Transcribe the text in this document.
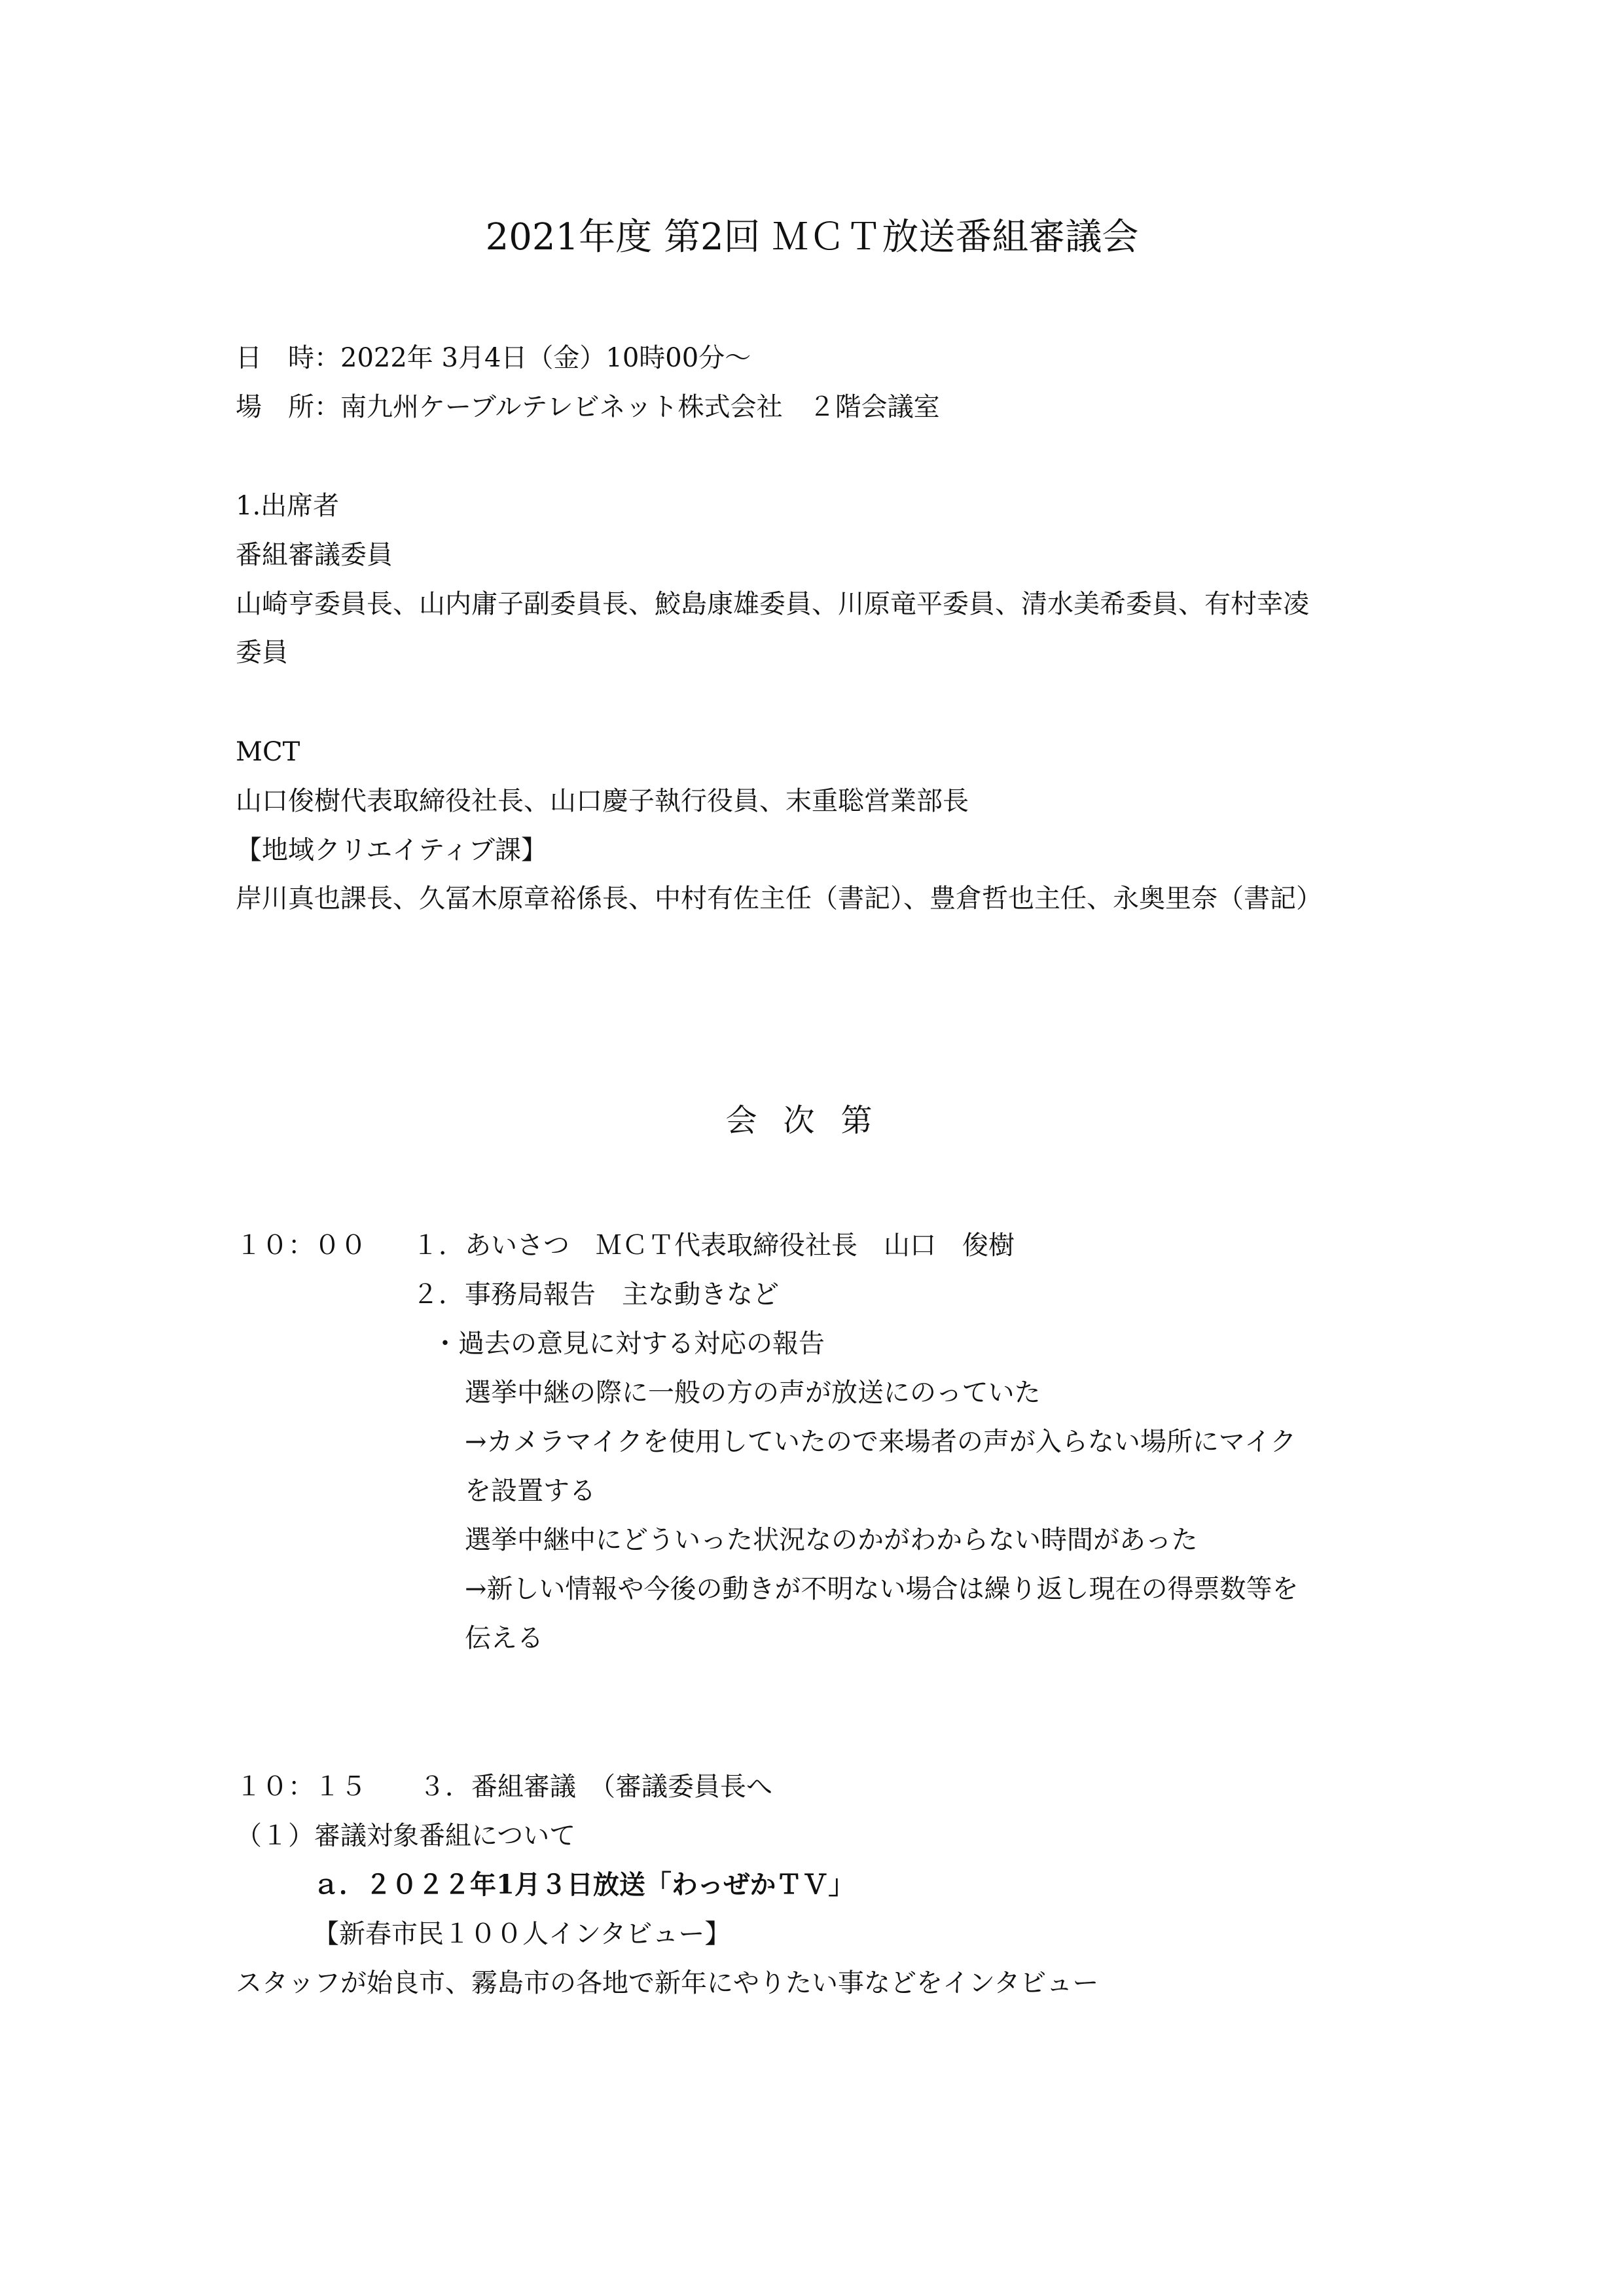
2021年度 第2回 ＭＣＴ放送番組審議会
日　時：2022年 3月4日（金）10時00分～
場　所：南九州ケーブルテレビネット株式会社　２階会議室
1.出席者
番組審議委員
山崎亨委員長、山内庸子副委員長、鮫島康雄委員、川原竜平委員、清水美希委員、有村幸凌
委員
MCT
山口俊樹代表取締役社長、山口慶子執行役員、末重聡営業部長
【地域クリエイティブ課】
岸川真也課長、久冨木原章裕係長、中村有佐主任（書記）、豊倉哲也主任、永奥里奈（書記）
会次第
１０：００ １．あいさつ　ＭＣＴ代表取締役社長　山口　俊樹
２．事務局報告　主な動きなど
・過去の意見に対する対応の報告
選挙中継の際に一般の方の声が放送にのっていた
→カメラマイクを使用していたので来場者の声が入らない場所にマイク
を設置する
選挙中継中にどういった状況なのかがわからない時間があった
→新しい情報や今後の動きが不明ない場合は繰り返し現在の得票数等を
伝える
１０：１５ ３．番組審議　（審議委員長へ
（１）審議対象番組について
ａ．２０２２年1月３日放送「わっぜかＴＶ」
【新春市民１００人インタビュー】
スタッフが始良市、霧島市の各地で新年にやりたい事などをインタビュー
